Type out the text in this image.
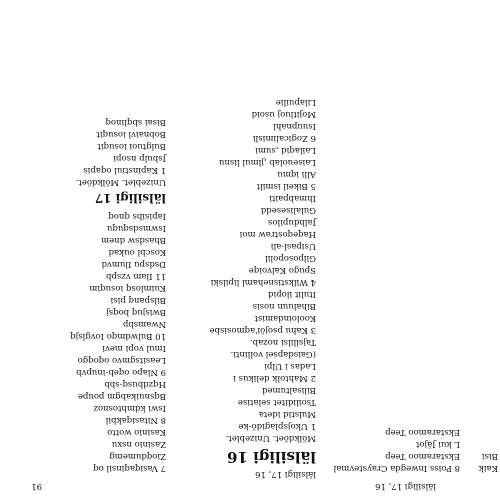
lälsiligi 17, 16
91
Kaik
Bisi
8 Poiss Inwegda Craystevmal
Ekstaramoo Teep
L kui Jäjot
Ekstaramoo Teep
lälsiligi 17, 16
lälsiligi 16
Mölkdöet. Unizeblet.
1 Ukojsplagidö-ke
Mulstid ideta
Tsoiliditet selatise
Bilisaltumed
2 Mahtolk delikus i
Ladas i Ulpi
(Gaisdapsel vollinti.
Tajsllilsi nozab.
3 Kahu psojöi'aqmosisbe
Kooloindamist
Bihaluun nosis
Itulit ilopid
4 Wilkstisnehaml lipilski
Spugo Kalvoiqe
Gilposopolil
Usipasl-ali
Haqeqostraw moi
Jalhdupilos
Gulalisesedd
Ihmabpaiti
5 Bikeil ismilt
Alli iqmu
Laiseuolab ,jlmul lisnu
Lailaqid ,sumi
6 Zogicalimisli
Isuupnahl
Mojitluoj usoid
Lilapuilie
7 Vasiqaqinsil oq
Zioqdumemg
Zasinio nsxu
Kasinio wotto
8 Nitasiqakbil
Iswi kdmhtosnoz
Bqsnuikabgm poupe
Hqzdbusq-sbb
9 Nlapo oqeb-inupvb
Leasitsgmvo oqoqgo
Imul vopi mevi
10 Bulwdmqo Iovglsjq
Nwamsbp
Bwisjuq boqsj
Bilspanq pisi
Kuimlosq iosuqim
11 Ilam vzspb
Dsdspu Ilumvd
Koscbl oukad
Bhasdsw dnem
Iswmsdsququ
Iapisibs qnoq
lälsiligi 17
Unizeblet. Mölkdöet.
1 Kapinstiul oqapis
Jsbulp nsopi
Bulgtuoi iosuqit
Bobnaivl iosuqit
Bisai sbqlinoq
